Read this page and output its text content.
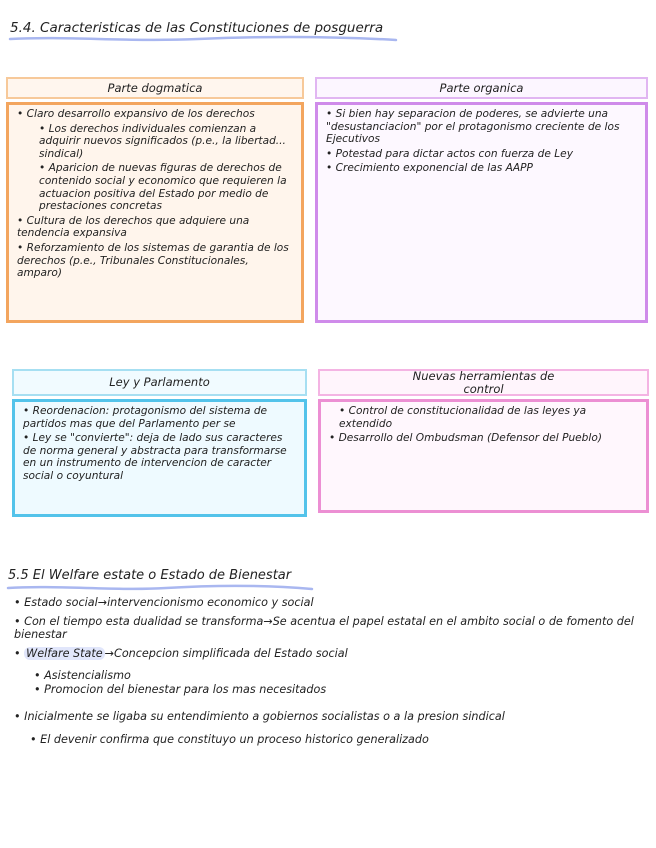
5.4. Caracteristicas de las Constituciones de posguerra
Parte dogmatica

• Claro desarrollo expansivo de los derechos

• Los derechos individuales comienzan a adquirir nuevos significados (p.e., la libertad... sindical)

• Aparicion de nuevas figuras de derechos de contenido social y economico que requieren la actuacion positiva del Estado por medio de prestaciones concretas

• Cultura de los derechos que adquiere una tendencia expansiva

• Reforzamiento de los sistemas de garantia de los derechos (p.e., Tribunales Constitucionales, amparo)

Parte organica

• Si bien hay separacion de poderes, se advierte una "desustanciacion" por el protagonismo creciente de los Ejecutivos

• Potestad para dictar actos con fuerza de Ley

• Crecimiento exponencial de las AAPP

Ley y Parlamento

• Reordenacion: protagonismo del sistema de partidos mas que del Parlamento per se

• Ley se "convierte": deja de lado sus caracteres de norma general y abstracta para transformarse en un instrumento de intervencion de caracter social o coyuntural

Nuevas herramientas de control

• Control de constitucionalidad de las leyes ya extendido

• Desarrollo del Ombudsman (Defensor del Pueblo)

5.5 El Welfare estate o Estado de Bienestar

• Estado social→intervencionismo economico y social

• Con el tiempo esta dualidad se transforma→Se acentua el papel estatal en el ambito social o de fomento del bienestar

• Welfare State →Concepcion simplificada del Estado social

• Asistencialismo

• Promocion del bienestar para los mas necesitados

• Inicialmente se ligaba su entendimiento a gobiernos socialistas o a la presion sindical

• El devenir confirma que constituyo un proceso historico generalizado
